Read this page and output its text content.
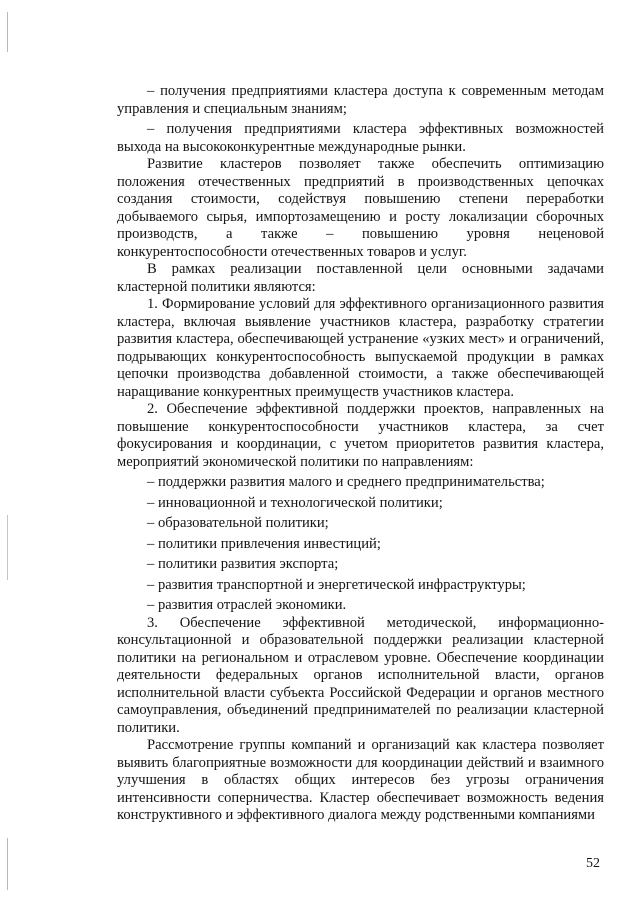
– получения предприятиями кластера доступа к современным методам управления и специальным знаниям;

– получения предприятиями кластера эффективных возможностей выхода на высококонкурентные международные рынки.

Развитие кластеров позволяет также обеспечить оптимизацию положения отечественных предприятий в производственных цепочках создания стоимости, содействуя повышению степени переработки добываемого сырья, импортозамещению и росту локализации сборочных производств, а также – повышению уровня неценовой конкурентоспособности отечественных товаров и услуг.

В рамках реализации поставленной цели основными задачами кластерной политики являются:

1. Формирование условий для эффективного организационного развития кластера, включая выявление участников кластера, разработку стратегии развития кластера, обеспечивающей устранение «узких мест» и ограничений, подрывающих конкурентоспособность выпускаемой продукции в рамках цепочки производства добавленной стоимости, а также обеспечивающей наращивание конкурентных преимуществ участников кластера.

2. Обеспечение эффективной поддержки проектов, направленных на повышение конкурентоспособности участников кластера, за счет фокусирования и координации, с учетом приоритетов развития кластера, мероприятий экономической политики по направлениям:

– поддержки развития малого и среднего предпринимательства;

– инновационной и технологической политики;

– образовательной политики;

– политики привлечения инвестиций;

– политики развития экспорта;

– развития транспортной и энергетической инфраструктуры;

– развития отраслей экономики.

3. Обеспечение эффективной методической, информационно-консультационной и образовательной поддержки реализации кластерной политики на региональном и отраслевом уровне. Обеспечение координации деятельности федеральных органов исполнительной власти, органов исполнительной власти субъекта Российской Федерации и органов местного самоуправления, объединений предпринимателей по реализации кластерной политики.

Рассмотрение группы компаний и организаций как кластера позволяет выявить благоприятные возможности для координации действий и взаимного улучшения в областях общих интересов без угрозы ограничения интенсивности соперничества. Кластер обеспечивает возможность ведения конструктивного и эффективного диалога между родственными компаниями

52
